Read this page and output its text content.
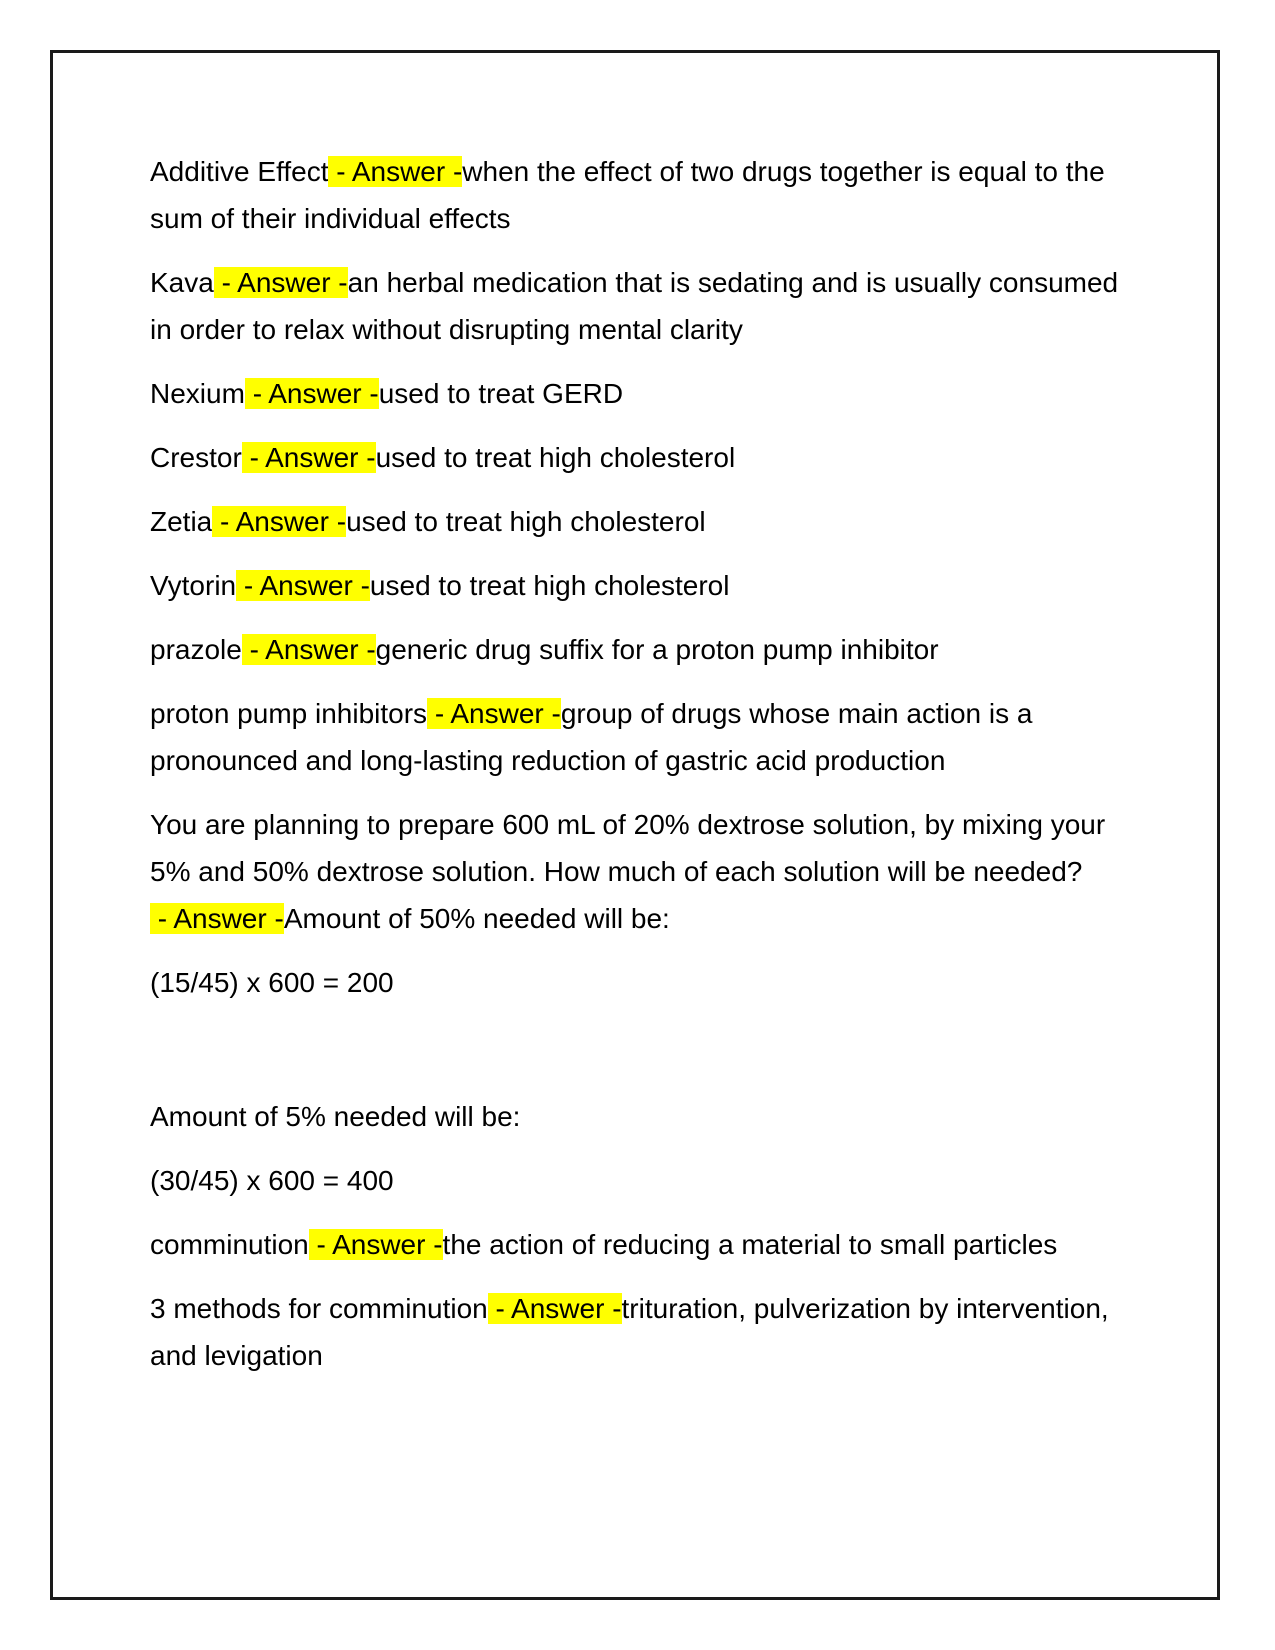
Additive Effect - Answer -when the effect of two drugs together is equal to the sum of their individual effects

Kava - Answer -an herbal medication that is sedating and is usually consumed in order to relax without disrupting mental clarity

Nexium - Answer -used to treat GERD

Crestor - Answer -used to treat high cholesterol

Zetia - Answer -used to treat high cholesterol

Vytorin - Answer -used to treat high cholesterol

prazole - Answer -generic drug suffix for a proton pump inhibitor

proton pump inhibitors - Answer -group of drugs whose main action is a pronounced and long-lasting reduction of gastric acid production

You are planning to prepare 600 mL of 20% dextrose solution, by mixing your 5% and 50% dextrose solution. How much of each solution will be needed? - Answer -Amount of 50% needed will be:

(15/45) x 600 = 200

Amount of 5% needed will be:

(30/45) x 600 = 400

comminution - Answer -the action of reducing a material to small particles

3 methods for comminution - Answer -trituration, pulverization by intervention, and levigation
